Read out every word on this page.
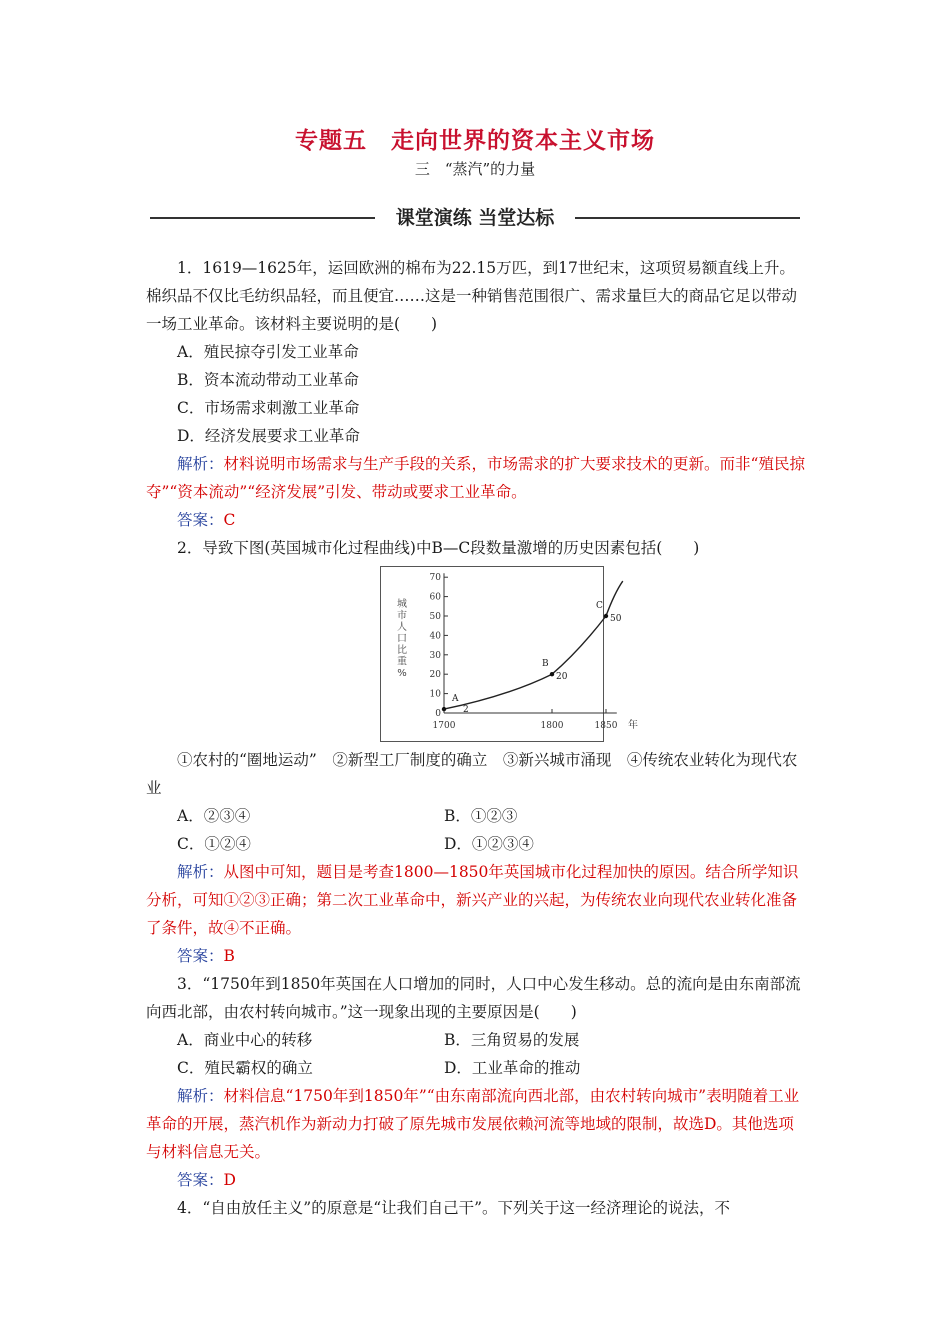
专题五　走向世界的资本主义市场
三　“蒸汽”的力量
课堂演练 当堂达标
1．1619—1625年，运回欧洲的棉布为22.15万匹，到17世纪末，这项贸易额直线上升。棉织品不仅比毛纺织品轻，而且便宜……这是一种销售范围很广、需求量巨大的商品它足以带动一场工业革命。该材料主要说明的是(　　)
A．殖民掠夺引发工业革命
B．资本流动带动工业革命
C．市场需求刺激工业革命
D．经济发展要求工业革命
解析：材料说明市场需求与生产手段的关系，市场需求的扩大要求技术的更新。而非“殖民掠夺”“资本流动”“经济发展”引发、带动或要求工业革命。
答案：C
2．导致下图(英国城市化过程曲线)中B—C段数量激增的历史因素包括(　　)
0
10
20
30
40
50
60
70
1700	1800	1850 年
城
市
人
口
比
重
%
A
2
B
20
C
50
①农村的“圈地运动”　②新型工厂制度的确立　③新兴城市涌现　④传统农业转化为现代农业
A．②③④	B．①②③
C．①②④	D．①②③④
解析：从图中可知，题目是考查1800—1850年英国城市化过程加快的原因。结合所学知识分析，可知①②③正确；第二次工业革命中，新兴产业的兴起，为传统农业向现代农业转化准备了条件，故④不正确。
答案：B
3．“1750年到1850年英国在人口增加的同时，人口中心发生移动。总的流向是由东南部流向西北部，由农村转向城市。”这一现象出现的主要原因是(　　)
A．商业中心的转移	B．三角贸易的发展
C．殖民霸权的确立	D．工业革命的推动
解析：材料信息“1750年到1850年”“由东南部流向西北部，由农村转向城市”表明随着工业革命的开展，蒸汽机作为新动力打破了原先城市发展依赖河流等地域的限制，故选D。其他选项与材料信息无关。
答案：D
4．“自由放任主义”的原意是“让我们自己干”。下列关于这一经济理论的说法，不
